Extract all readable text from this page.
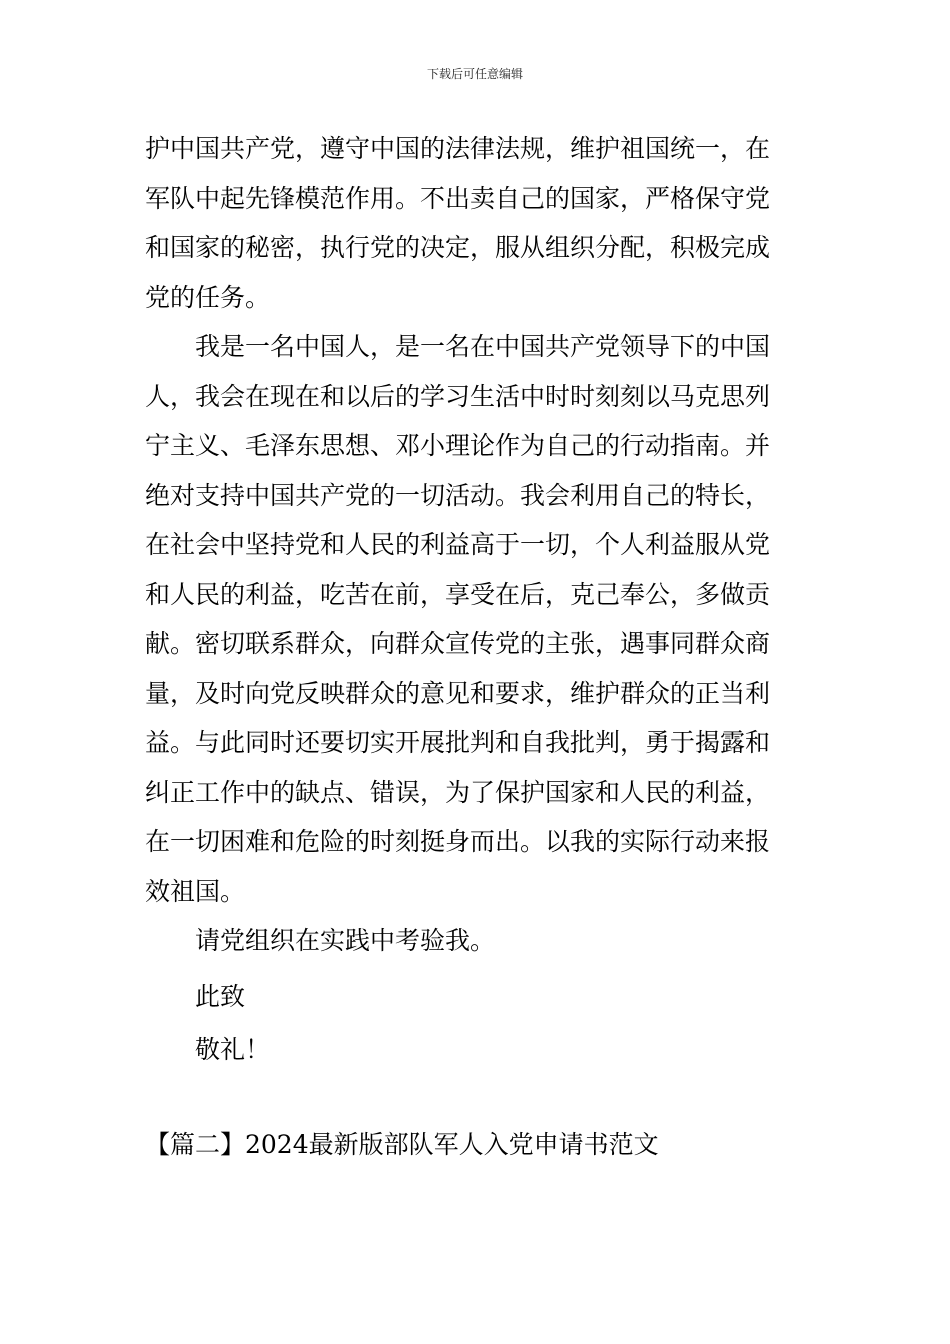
下载后可任意编辑
护中国共产党，遵守中国的法律法规，维护祖国统一，在
军队中起先锋模范作用。不出卖自己的国家，严格保守党
和国家的秘密，执行党的决定，服从组织分配，积极完成
党的任务。
我是一名中国人，是一名在中国共产党领导下的中国
人，我会在现在和以后的学习生活中时时刻刻以马克思列
宁主义、毛泽东思想、邓小理论作为自己的行动指南。并
绝对支持中国共产党的一切活动。我会利用自己的特长，
在社会中坚持党和人民的利益高于一切，个人利益服从党
和人民的利益，吃苦在前，享受在后，克己奉公，多做贡
献。密切联系群众，向群众宣传党的主张，遇事同群众商
量，及时向党反映群众的意见和要求，维护群众的正当利
益。与此同时还要切实开展批判和自我批判，勇于揭露和
纠正工作中的缺点、错误，为了保护国家和人民的利益，
在一切困难和危险的时刻挺身而出。以我的实际行动来报
效祖国。
请党组织在实践中考验我。
此致
敬礼！
【篇二】2024最新版部队军人入党申请书范文
